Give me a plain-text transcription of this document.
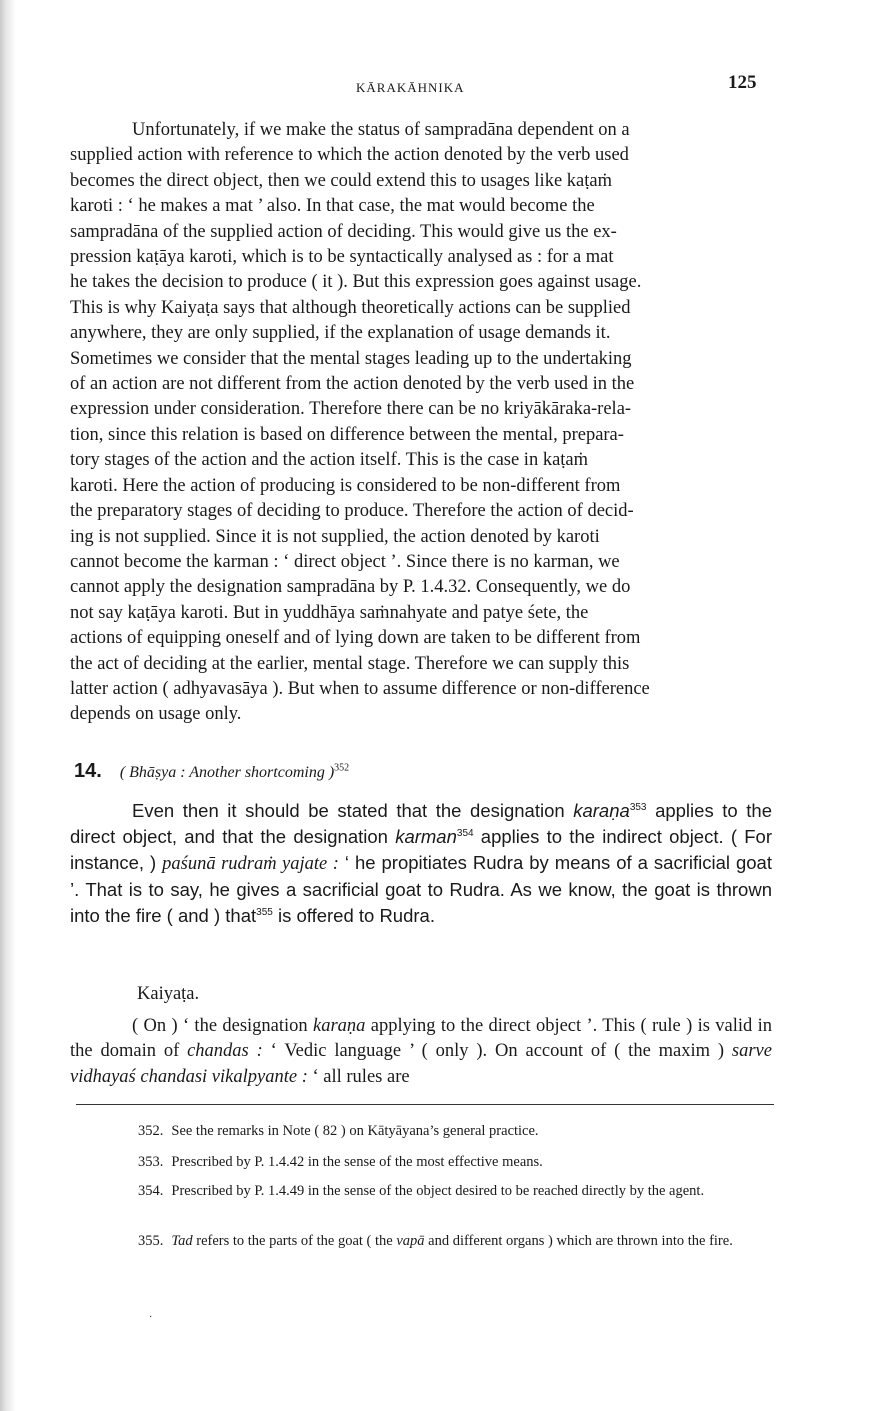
KĀRAKĀHNIKA	125
Unfortunately, if we make the status of sampradāna dependent on a
supplied action with reference to which the action denoted by the verb used
becomes the direct object, then we could extend this to usages like kaṭaṁ
karoti : ‘ he makes a mat ’ also. In that case, the mat would become the
sampradāna of the supplied action of deciding. This would give us the ex-
pression kaṭāya karoti, which is to be syntactically analysed as : for a mat
he takes the decision to produce ( it ). But this expression goes against usage.
This is why Kaiyaṭa says that although theoretically actions can be supplied
anywhere, they are only supplied, if the explanation of usage demands it.
Sometimes we consider that the mental stages leading up to the undertaking
of an action are not different from the action denoted by the verb used in the
expression under consideration. Therefore there can be no kriyākāraka-rela-
tion, since this relation is based on difference between the mental, prepara-
tory stages of the action and the action itself. This is the case in kaṭaṁ
karoti. Here the action of producing is considered to be non-different from
the preparatory stages of deciding to produce. Therefore the action of decid-
ing is not supplied. Since it is not supplied, the action denoted by karoti
cannot become the karman : ‘ direct object ’. Since there is no karman, we
cannot apply the designation sampradāna by P. 1.4.32. Consequently, we do
not say kaṭāya karoti. But in yuddhāya saṁnahyate and patye śete, the
actions of equipping oneself and of lying down are taken to be different from
the act of deciding at the earlier, mental stage. Therefore we can supply this
latter action ( adhyavasāya ). But when to assume difference or non-difference
depends on usage only.
14. ( Bhāṣya : Another shortcoming )$^{352}$

Even then it should be stated that the designation karaṇa$^{353}$ applies to the direct object, and that the designation karman$^{354}$ applies to the indirect object. ( For instance, ) paśunā rudraṁ yajate : ‘ he propitiates Rudra by means of a sacrificial goat ’. That is to say, he gives a sacrificial goat to Rudra. As we know, the goat is thrown into the fire ( and ) that$^{355}$ is offered to Rudra.

Kaiyaṭa.

( On ) ‘ the designation karaṇa applying to the direct object ’. This ( rule ) is valid in the domain of chandas : ‘ Vedic language ’ ( only ). On account of ( the maxim ) sarve vidhayaś chandasi vikalpyante : ‘ all rules are

352. See the remarks in Note ( 82 ) on Kātyāyana’s general practice.

353. Prescribed by P. 1.4.42 in the sense of the most effective means.

354. Prescribed by P. 1.4.49 in the sense of the object desired to be reached directly by the agent.

355. Tad refers to the parts of the goat ( the vapā and different organs ) which are thrown into the fire.

·
